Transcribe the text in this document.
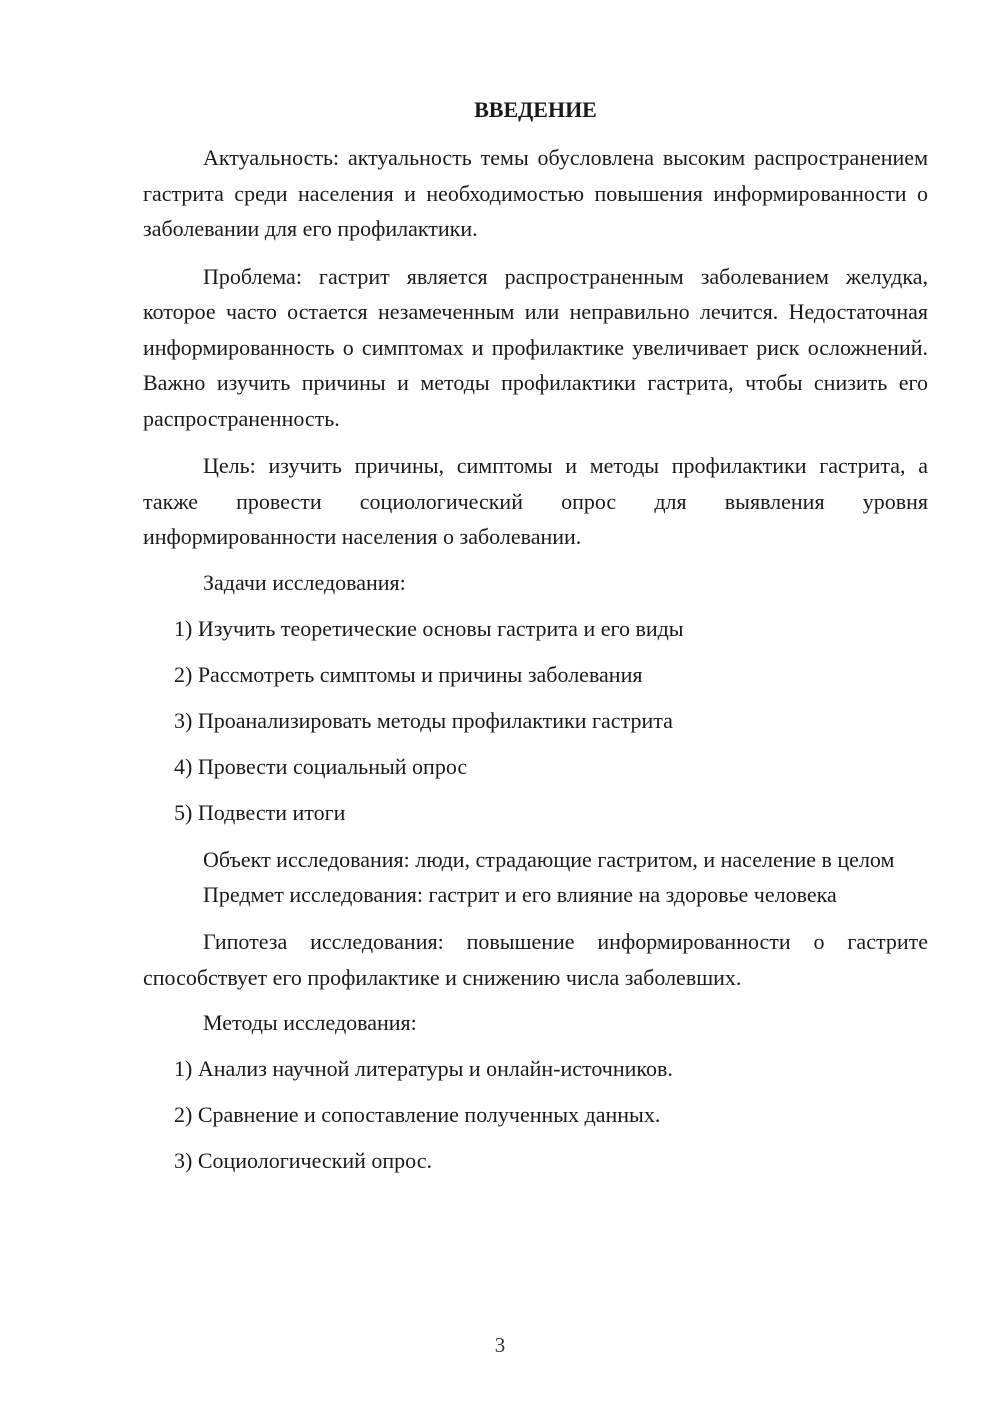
ВВЕДЕНИЕ

Актуальность: актуальность темы обусловлена высоким распространением гастрита среди населения и необходимостью повышения информированности о заболевании для его профилактики.

Проблема: гастрит является распространенным заболеванием желудка, которое часто остается незамеченным или неправильно лечится. Недостаточная информированность о симптомах и профилактике увеличивает риск осложнений. Важно изучить причины и методы профилактики гастрита, чтобы снизить его распространенность.

Цель: изучить причины, симптомы и методы профилактики гастрита, а также провести социологический опрос для выявления уровня информированности населения о заболевании.

Задачи исследования:

1) Изучить теоретические основы гастрита и его виды
2) Рассмотреть симптомы и причины заболевания
3) Проанализировать методы профилактики гастрита
4) Провести социальный опрос
5) Подвести итоги

Объект исследования: люди, страдающие гастритом, и население в целом

Предмет исследования: гастрит и его влияние на здоровье человека

Гипотеза исследования: повышение информированности о гастрите способствует его профилактике и снижению числа заболевших.

Методы исследования:

1) Анализ научной литературы и онлайн-источников.
2) Сравнение и сопоставление полученных данных.
3) Социологический опрос.
3
